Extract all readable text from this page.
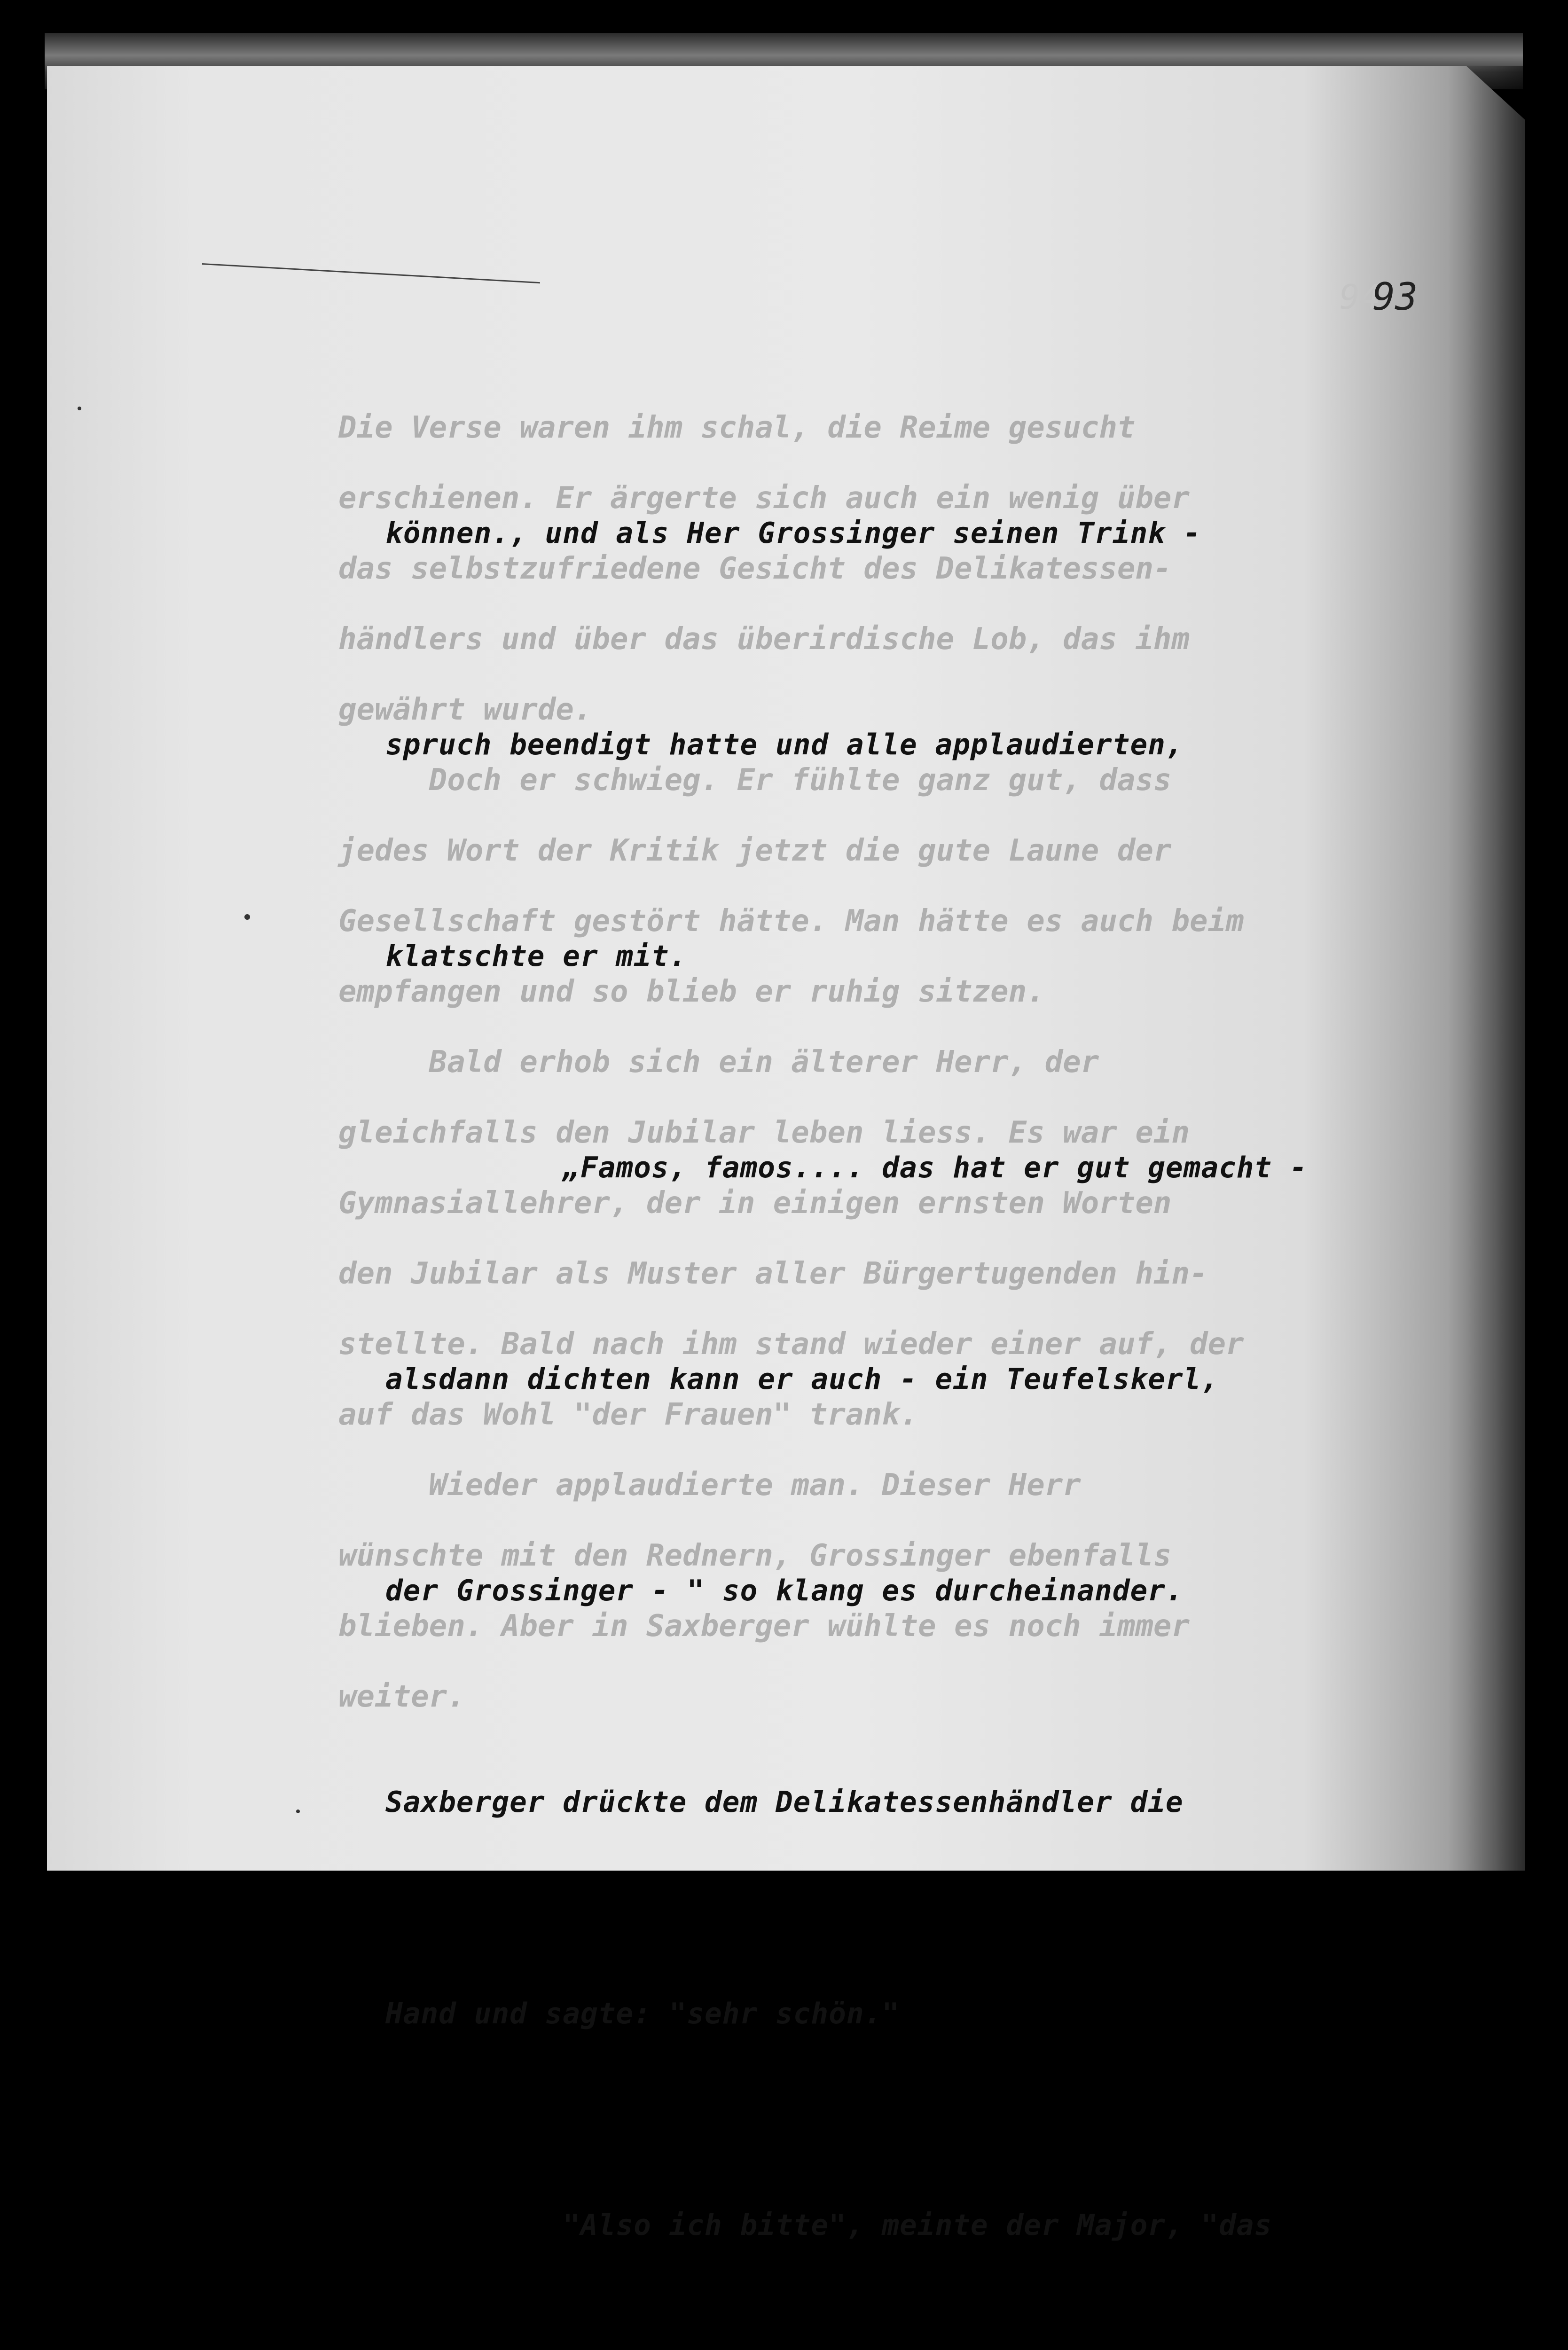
Die Verse waren ihm schal, die Reime gesucht
erschienen. Er ärgerte sich auch ein wenig über
das selbstzufriedene Gesicht des Delikatessen-
händlers und über das überirdische Lob, das ihm
gewährt wurde.
Doch er schwieg. Er fühlte ganz gut, dass
jedes Wort der Kritik jetzt die gute Laune der
Gesellschaft gestört hätte. Man hätte es auch beim
empfangen und so blieb er ruhig sitzen.
Bald erhob sich ein älterer Herr, der
gleichfalls den Jubilar leben liess. Es war ein
Gymnasiallehrer, der in einigen ernsten Worten
den Jubilar als Muster aller Bürgertugenden hin-
stellte. Bald nach ihm stand wieder einer auf, der
auf das Wohl "der Frauen" trank.
Wieder applaudierte man. Dieser Herr
wünschte mit den Rednern, Grossinger ebenfalls
blieben. Aber in Saxberger wühlte es noch immer
weiter.
94
93

können., und als Her Grossinger seinen Trink -

spruch beendigt hatte und alle applaudierten,

klatschte er mit.

„Famos, famos.... das hat er gut gemacht -

alsdann dichten kann er auch - ein Teufelskerl,

der Grossinger - " so klang es durcheinander.

Saxberger drückte dem Delikatessenhändler die

Hand und sagte: "sehr schön."

"Also ich bitte", meinte der Major, "das
